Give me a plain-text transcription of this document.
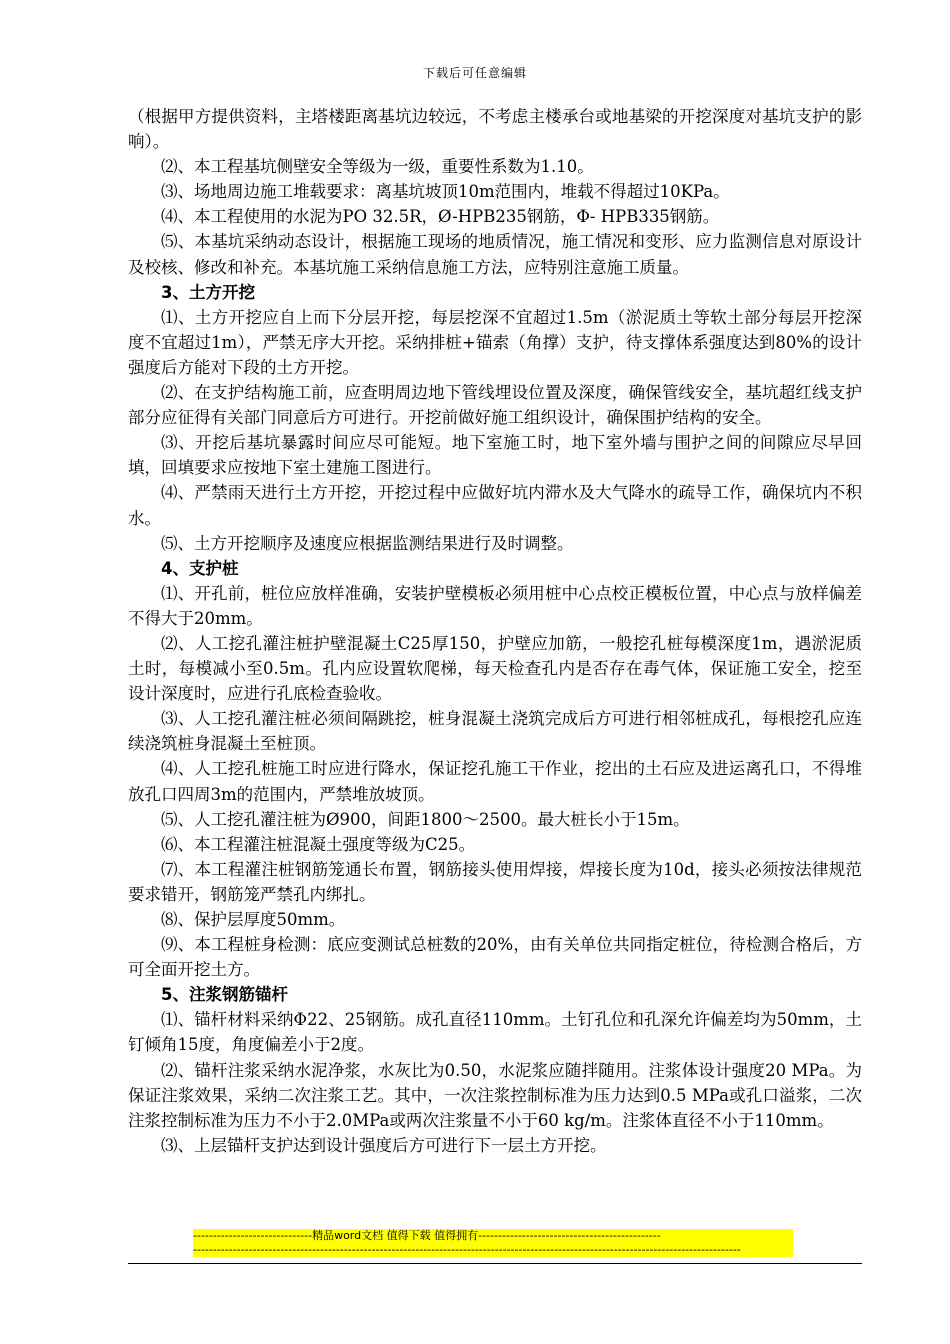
下载后可任意编辑

（根据甲方提供资料，主塔楼距离基坑边较远，不考虑主楼承台或地基梁的开挖深度对基坑支护的影响）。

⑵、本工程基坑侧壁安全等级为一级，重要性系数为1.10。

⑶、场地周边施工堆载要求：离基坑坡顶10m范围内，堆载不得超过10KPa。

⑷、本工程使用的水泥为PO 32.5R，Ø-HPB235钢筋，Φ- HPB335钢筋。

⑸、本基坑采纳动态设计，根据施工现场的地质情况，施工情况和变形、应力监测信息对原设计及校核、修改和补充。本基坑施工采纳信息施工方法，应特别注意施工质量。

3、土方开挖

⑴、土方开挖应自上而下分层开挖，每层挖深不宜超过1.5m（淤泥质土等软土部分每层开挖深度不宜超过1m），严禁无序大开挖。采纳排桩+锚索（角撑）支护，待支撑体系强度达到80%的设计强度后方能对下段的土方开挖。

⑵、在支护结构施工前，应查明周边地下管线埋设位置及深度，确保管线安全，基坑超红线支护部分应征得有关部门同意后方可进行。开挖前做好施工组织设计，确保围护结构的安全。

⑶、开挖后基坑暴露时间应尽可能短。地下室施工时，地下室外墙与围护之间的间隙应尽早回填，回填要求应按地下室土建施工图进行。

⑷、严禁雨天进行土方开挖，开挖过程中应做好坑内滞水及大气降水的疏导工作，确保坑内不积水。

⑸、土方开挖顺序及速度应根据监测结果进行及时调整。

4、支护桩

⑴、开孔前，桩位应放样准确，安装护壁模板必须用桩中心点校正模板位置，中心点与放样偏差不得大于20mm。

⑵、人工挖孔灌注桩护壁混凝土C25厚150，护壁应加筋，一般挖孔桩每模深度1m，遇淤泥质土时，每模减小至0.5m。孔内应设置软爬梯，每天检查孔内是否存在毒气体，保证施工安全，挖至设计深度时，应进行孔底检查验收。

⑶、人工挖孔灌注桩必须间隔跳挖，桩身混凝土浇筑完成后方可进行相邻桩成孔，每根挖孔应连续浇筑桩身混凝土至桩顶。

⑷、人工挖孔桩施工时应进行降水，保证挖孔施工干作业，挖出的土石应及进运离孔口，不得堆放孔口四周3m的范围内，严禁堆放坡顶。

⑸、人工挖孔灌注桩为Ø900，间距1800～2500。最大桩长小于15m。

⑹、本工程灌注桩混凝土强度等级为C25。

⑺、本工程灌注桩钢筋笼通长布置，钢筋接头使用焊接，焊接长度为10d，接头必须按法律规范要求错开，钢筋笼严禁孔内绑扎。

⑻、保护层厚度50mm。

⑼、本工程桩身检测：底应变测试总桩数的20%，由有关单位共同指定桩位，待检测合格后，方可全面开挖土方。

5、注浆钢筋锚杆

⑴、锚杆材料采纳Φ22、25钢筋。成孔直径110mm。土钉孔位和孔深允许偏差均为50mm，土钉倾角15度，角度偏差小于2度。

⑵、锚杆注浆采纳水泥净浆，水灰比为0.50，水泥浆应随拌随用。注浆体设计强度20 MPa。为保证注浆效果，采纳二次注浆工艺。其中，一次注浆控制标准为压力达到0.5 MPa或孔口溢浆，二次注浆控制标准为压力不小于2.0MPa或两次注浆量不小于60 kg/m。注浆体直径不小于110mm。

⑶、上层锚杆支护达到设计强度后方可进行下一层土方开挖。

------------------------------精品word文档 值得下载 值得拥有----------------------------------------------
------------------------------------------------------------------------------------------------------------------------------------------
